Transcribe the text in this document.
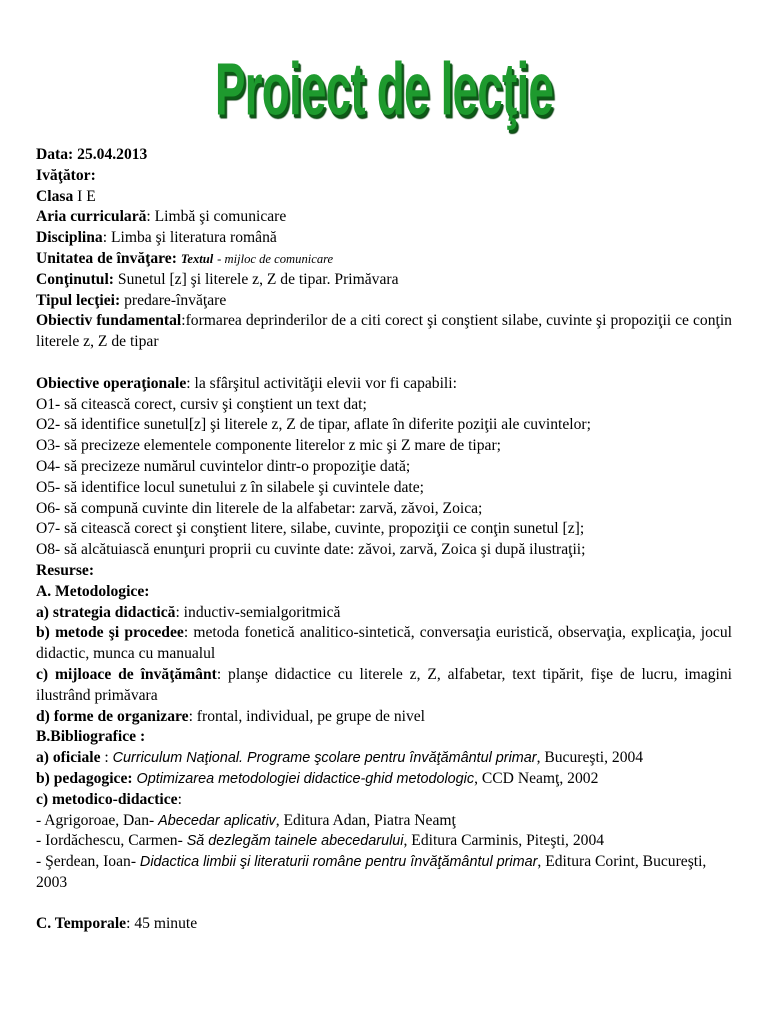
Proiect de lecţie

Data: 25.04.2013

Ivăţător:

Clasa I E

Aria curriculară: Limbă şi comunicare

Disciplina: Limba şi literatura română

Unitatea de învăţare: Textul - mijloc de comunicare

Conţinutul: Sunetul [z] şi literele z, Z de tipar. Primăvara

Tipul lecţiei: predare-învăţare

Obiectiv fundamental:formarea deprinderilor de a citi corect şi conştient silabe, cuvinte şi propoziţii ce conţin literele z, Z de tipar

Obiective operaţionale: la sfârşitul activităţii elevii vor fi capabili:

O1- să citească corect, cursiv şi conştient un text dat;

O2- să identifice sunetul[z] şi literele z, Z de tipar, aflate în diferite poziţii ale cuvintelor;

O3- să precizeze elementele componente literelor z mic şi Z mare de tipar;

O4- să precizeze numărul cuvintelor dintr-o propoziţie dată;

O5- să identifice locul sunetului z în silabele şi cuvintele date;

O6- să compună cuvinte din literele de la alfabetar: zarvă, zăvoi, Zoica;

O7- să citească corect şi conştient litere, silabe, cuvinte, propoziţii ce conţin sunetul [z];

O8- să alcătuiască enunţuri proprii cu cuvinte date: zăvoi, zarvă, Zoica şi după ilustraţii;

Resurse:

A. Metodologice:

a) strategia didactică: inductiv-semialgoritmică

b) metode şi procedee: metoda fonetică analitico-sintetică, conversaţia euristică, observaţia, explicaţia, jocul didactic, munca cu manualul

c) mijloace de învăţământ: planşe didactice cu literele z, Z, alfabetar, text tipărit, fişe de lucru, imagini ilustrând primăvara

d) forme de organizare: frontal, individual, pe grupe de nivel

B.Bibliografice :

a) oficiale : Curriculum Naţional. Programe şcolare pentru învăţământul primar, Bucureşti, 2004

b) pedagogice: Optimizarea metodologiei didactice-ghid metodologic, CCD Neamţ, 2002

c) metodico-didactice:

- Agrigoroae, Dan- Abecedar aplicativ, Editura Adan, Piatra Neamţ

- Iordăchescu, Carmen- Să dezlegăm tainele abecedarului, Editura Carminis, Piteşti, 2004

- Şerdean, Ioan- Didactica limbii şi literaturii române pentru învăţământul primar, Editura Corint, Bucureşti, 2003

C. Temporale: 45 minute
